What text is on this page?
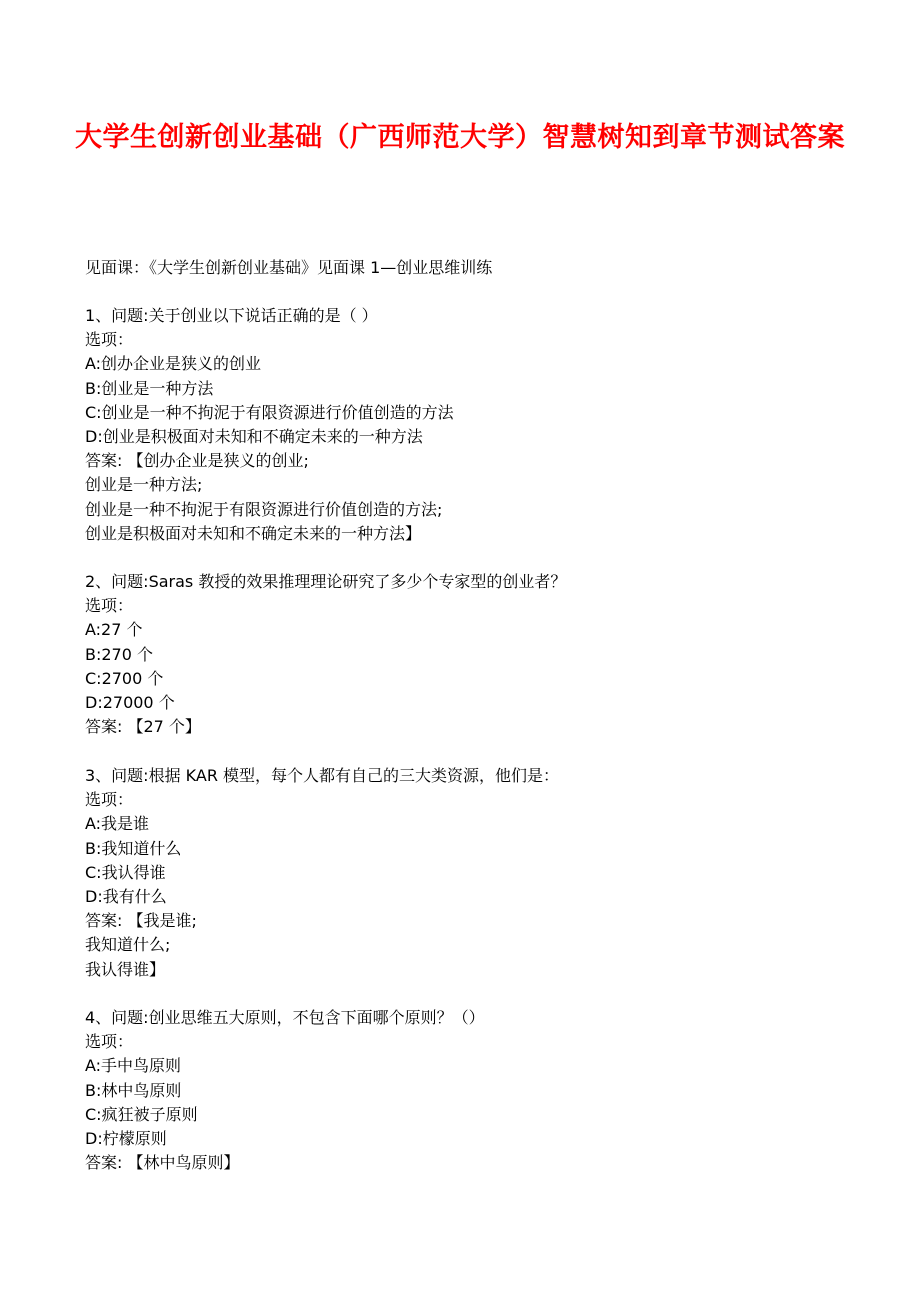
大学生创新创业基础（广西师范大学）智慧树知到章节测试答案
见面课：《大学生创新创业基础》见面课 1—创业思维训练
1、问题:关于创业以下说话正确的是（ ）
选项：
A:创办企业是狭义的创业
B:创业是一种方法
C:创业是一种不拘泥于有限资源进行价值创造的方法
D:创业是积极面对未知和不确定未来的一种方法
答案: 【创办企业是狭义的创业;
创业是一种方法;
创业是一种不拘泥于有限资源进行价值创造的方法;
创业是积极面对未知和不确定未来的一种方法】
2、问题:Saras 教授的效果推理理论研究了多少个专家型的创业者？
选项：
A:27 个
B:270 个
C:2700 个
D:27000 个
答案: 【27 个】
3、问题:根据 KAR 模型，每个人都有自己的三大类资源，他们是：
选项：
A:我是谁
B:我知道什么
C:我认得谁
D:我有什么
答案: 【我是谁;
我知道什么;
我认得谁】
4、问题:创业思维五大原则，不包含下面哪个原则？（）
选项：
A:手中鸟原则
B:林中鸟原则
C:疯狂被子原则
D:柠檬原则
答案: 【林中鸟原则】
